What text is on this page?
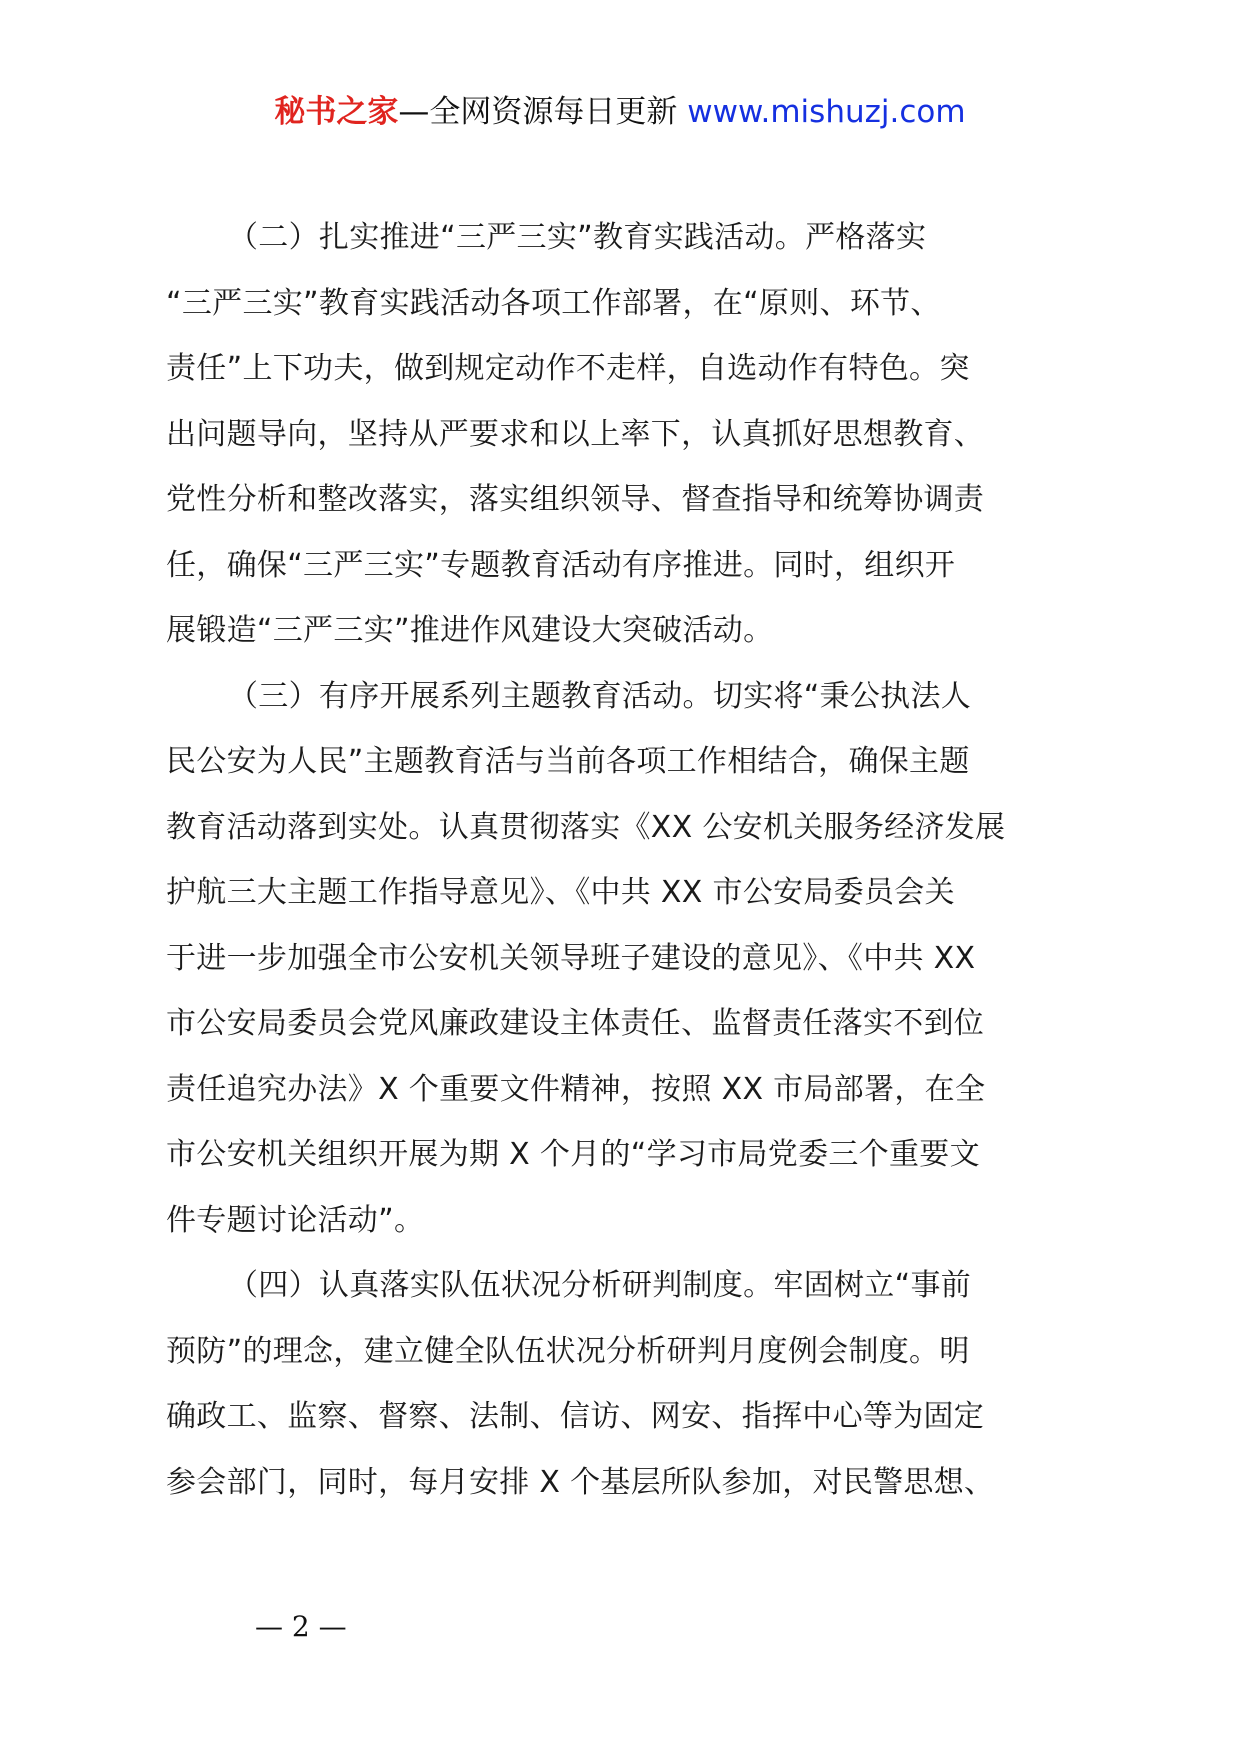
秘书之家—全网资源每日更新 www.mishuzj.com
（二）扎实推进“三严三实”教育实践活动。严格落实
“三严三实”教育实践活动各项工作部署，在“原则、环节、
责任”上下功夫，做到规定动作不走样，自选动作有特色。突
出问题导向，坚持从严要求和以上率下，认真抓好思想教育、
党性分析和整改落实，落实组织领导、督查指导和统筹协调责
任，确保“三严三实”专题教育活动有序推进。同时，组织开
展锻造“三严三实”推进作风建设大突破活动。
（三）有序开展系列主题教育活动。切实将“秉公执法人
民公安为人民”主题教育活与当前各项工作相结合，确保主题
教育活动落到实处。认真贯彻落实《XX 公安机关服务经济发展
护航三大主题工作指导意见》、《中共 XX 市公安局委员会关
于进一步加强全市公安机关领导班子建设的意见》、《中共 XX
市公安局委员会党风廉政建设主体责任、监督责任落实不到位
责任追究办法》X 个重要文件精神，按照 XX 市局部署，在全
市公安机关组织开展为期 X 个月的“学习市局党委三个重要文
件专题讨论活动”。
（四）认真落实队伍状况分析研判制度。牢固树立“事前
预防”的理念，建立健全队伍状况分析研判月度例会制度。明
确政工、监察、督察、法制、信访、网安、指挥中心等为固定
参会部门，同时，每月安排 X 个基层所队参加，对民警思想、
— 2 —
